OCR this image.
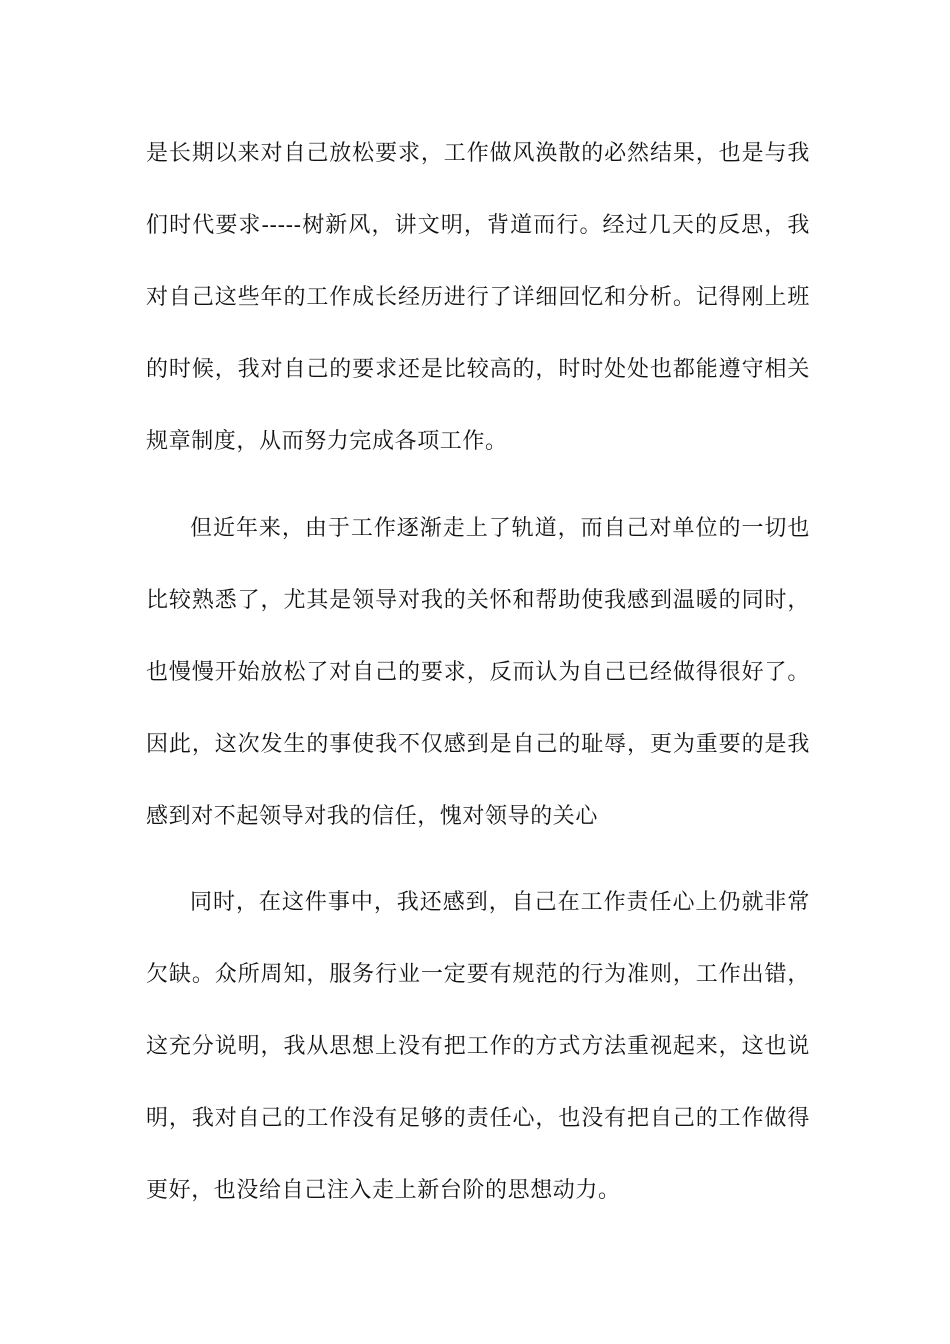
是长期以来对自己放松要求，工作做风涣散的必然结果，也是与我
们时代要求-----树新风，讲文明，背道而行。经过几天的反思，我
对自己这些年的工作成长经历进行了详细回忆和分析。记得刚上班
的时候，我对自己的要求还是比较高的，时时处处也都能遵守相关
规章制度，从而努力完成各项工作。
但近年来，由于工作逐渐走上了轨道，而自己对单位的一切也
比较熟悉了，尤其是领导对我的关怀和帮助使我感到温暖的同时，
也慢慢开始放松了对自己的要求，反而认为自己已经做得很好了。
因此，这次发生的事使我不仅感到是自己的耻辱，更为重要的是我
感到对不起领导对我的信任，愧对领导的关心
同时，在这件事中，我还感到，自己在工作责任心上仍就非常
欠缺。众所周知，服务行业一定要有规范的行为准则，工作出错，
这充分说明，我从思想上没有把工作的方式方法重视起来，这也说
明，我对自己的工作没有足够的责任心，也没有把自己的工作做得
更好，也没给自己注入走上新台阶的思想动力。
